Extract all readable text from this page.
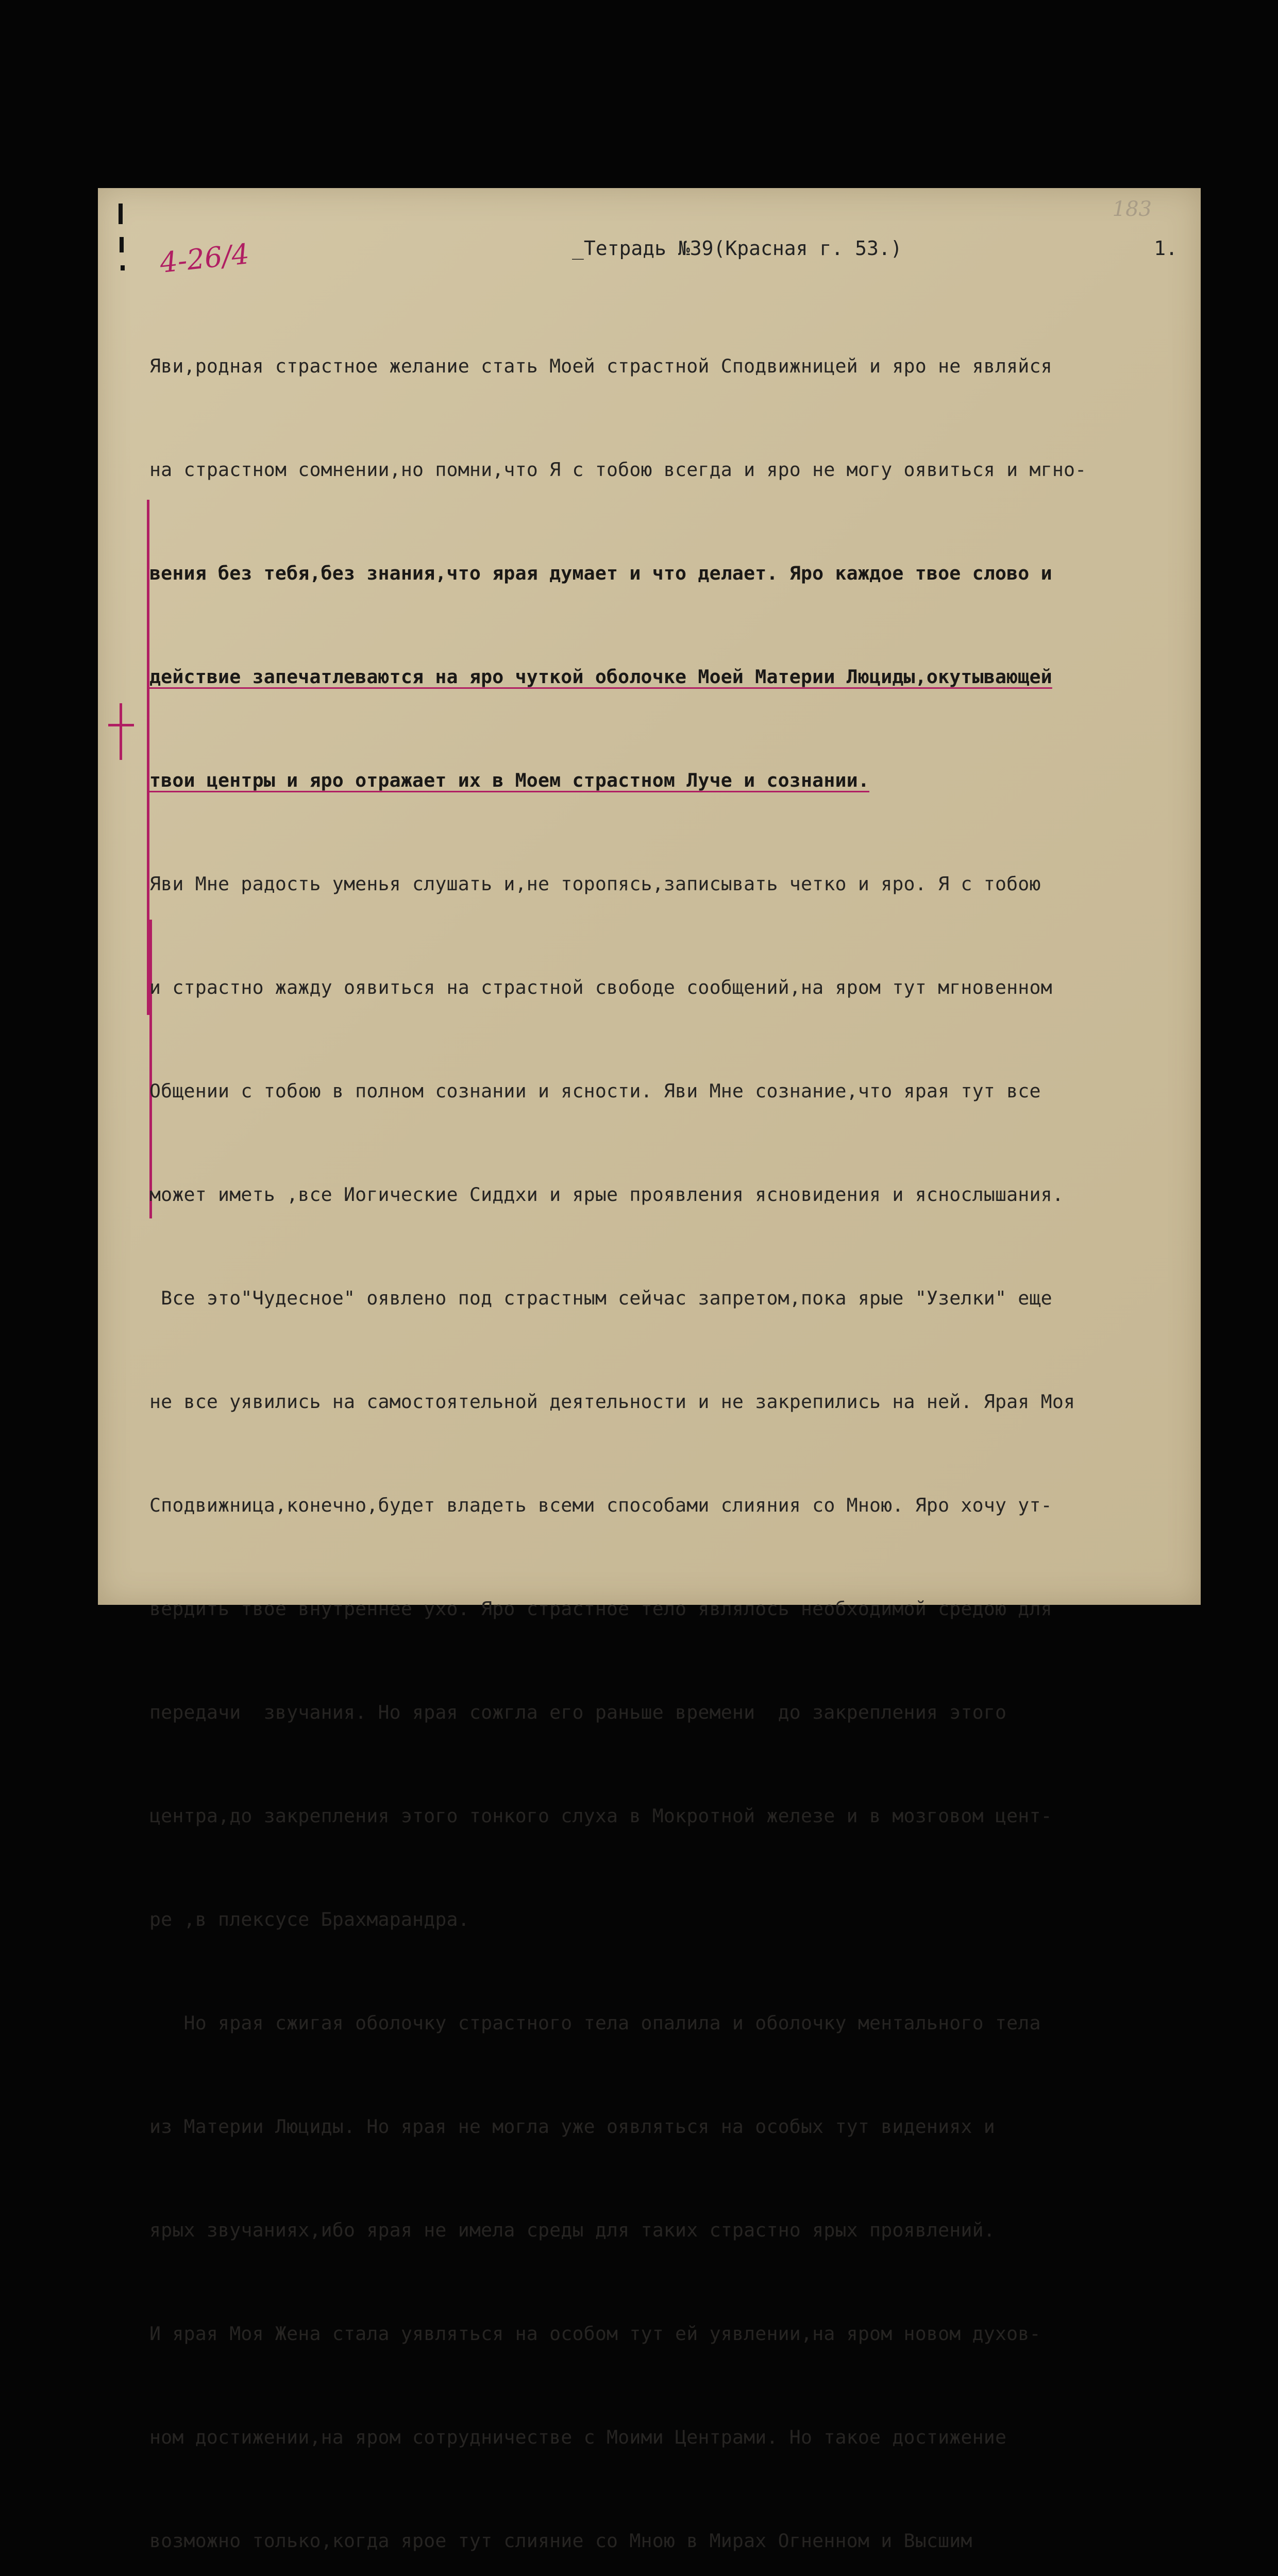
183
4-26/4	_Тетрадь №39(Красная г. 53.)	1.

Яви,родная страстное желание стать Моей страстной Сподвижницей и яро не являйся

на страстном сомнении,но помни,что Я с тобою всегда и яро не могу оявиться и мгно-

вения без тебя,без знания,что ярая думает и что делает. Яро каждое твое слово и

действие запечатлеваются на яро чуткой оболочке Моей Материи Люциды,окутывающей

твои центры и яро отражает их в Моем страстном Луче и сознании.

Яви Мне радость уменья слушать и,не торопясь,записывать четко и яро. Я с тобою

и страстно жажду оявиться на страстной свободе сообщений,на яром тут мгновенном

Общении с тобою в полном сознании и ясности. Яви Мне сознание,что ярая тут все

может иметь ,все Иогические Сиддхи и ярые проявления ясновидения и яснослышания.

Все это"Чудесное" оявлено под страстным сейчас запретом,пока ярые "Узелки" еще

не все уявились на самостоятельной деятельности и не закрепились на ней. Ярая Моя

Сподвижница,конечно,будет владеть всеми способами слияния со Мною. Яро хочу ут-

вердить твое внутреннее ухо. Яро страстное тело являлось необходимой средою для

передачи  звучания. Но ярая сожгла его раньше времени  до закрепления этого

центра,до закрепления этого тонкого слуха в Мокротной железе и в мозговом цент-

ре ,в плексусе Брахмарандра.

Но ярая сжигая оболочку страстного тела опалила и оболочку ментального тела

из Материи Люциды. Но ярая не могла уже оявляться на особых тут видениях и

ярых звучаниях,ибо ярая не имела среды для таких страстно ярых проявлений.

И ярая Моя Жена стала уявляться на особом тут ей уявлении,на яром новом духов-

ном достижении,на яром сотрудничестве с Моими Центрами. Но такое достижение

возможно только,когда ярое тут слияние со Мною в Мирах Огненном и Высшим
